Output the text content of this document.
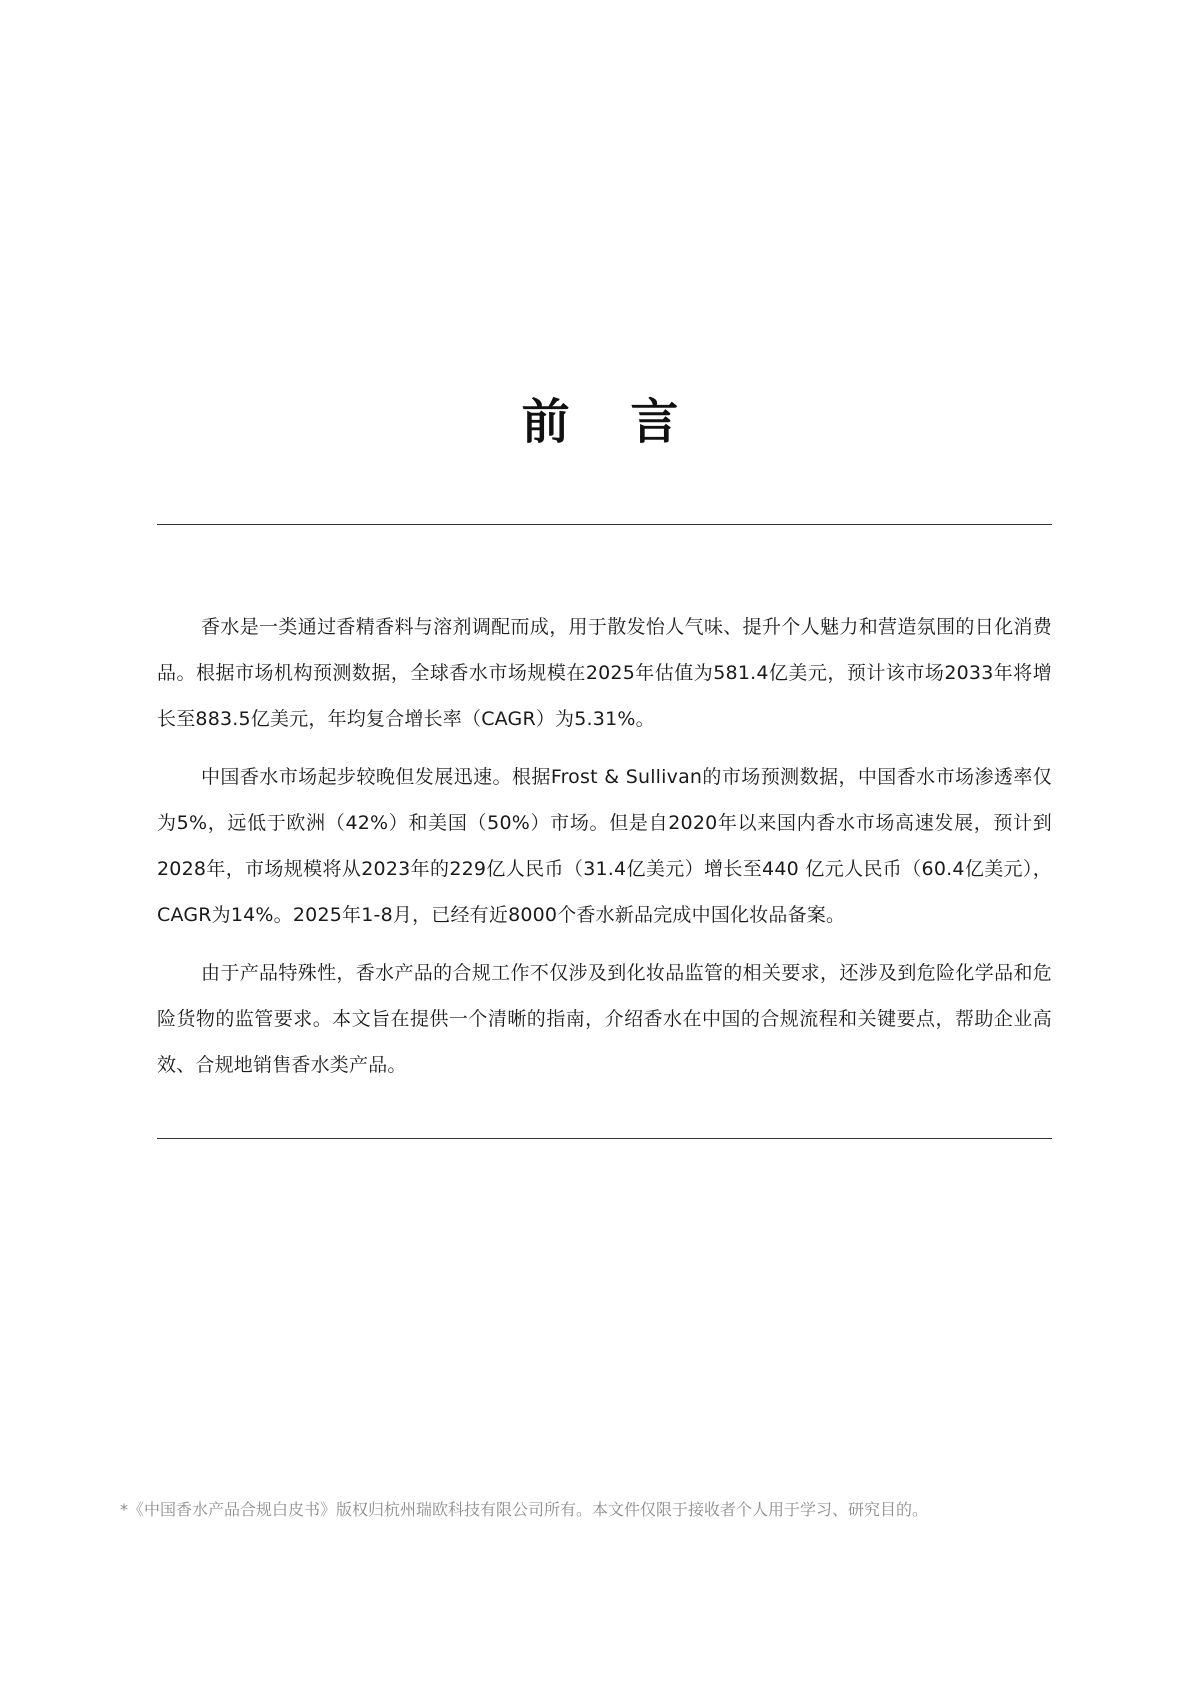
前 言

香水是一类通过香精香料与溶剂调配而成，用于散发怡人气味、提升个人魅力和营造氛围的日化消费品。根据市场机构预测数据，全球香水市场规模在2025年估值为581.4亿美元，预计该市场2033年将增长至883.5亿美元，年均复合增长率（CAGR）为5.31%。

中国香水市场起步较晚但发展迅速。根据Frost & Sullivan的市场预测数据，中国香水市场渗透率仅为5%，远低于欧洲（42%）和美国（50%）市场。但是自2020年以来国内香水市场高速发展，预计到2028年，市场规模将从2023年的229亿人民币（31.4亿美元）增长至440 亿元人民币（60.4亿美元），CAGR为14%。2025年1-8月，已经有近8000个香水新品完成中国化妆品备案。

由于产品特殊性，香水产品的合规工作不仅涉及到化妆品监管的相关要求，还涉及到危险化学品和危险货物的监管要求。本文旨在提供一个清晰的指南，介绍香水在中国的合规流程和关键要点，帮助企业高效、合规地销售香水类产品。

*《中国香水产品合规白皮书》版权归杭州瑞欧科技有限公司所有。本文件仅限于接收者个人用于学习、研究目的。
